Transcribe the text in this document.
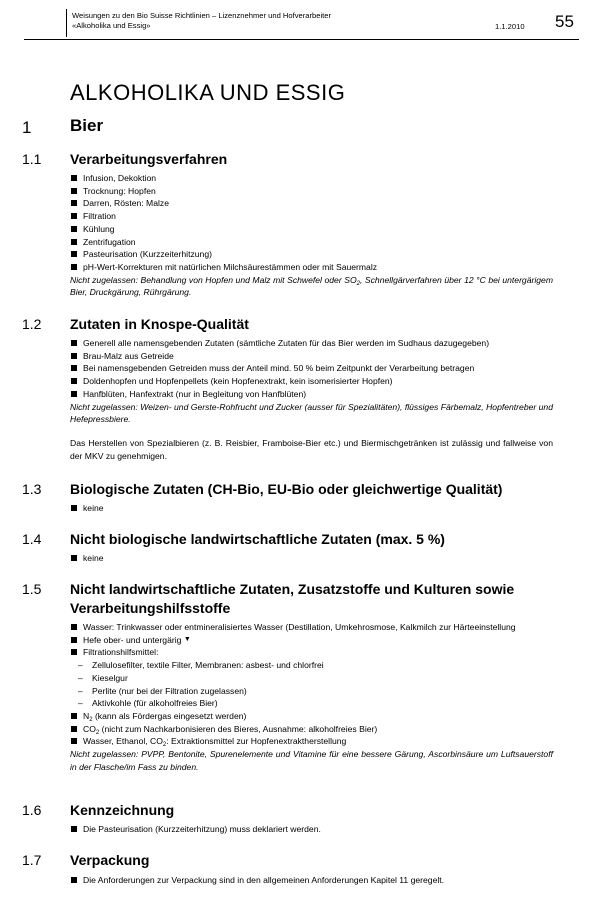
Weisungen zu den Bio Suisse Richtlinien – Lizenznehmer und Hofverarbeiter
«Alkoholika und Essig»	1.1.2010 55
ALKOHOLIKA UND ESSIG
1 Bier
1.1 Verarbeitungsverfahren
Infusion, Dekoktion
Trocknung: Hopfen
Darren, Rösten: Malze
Filtration
Kühlung
Zentrifugation
Pasteurisation (Kurzzeiterhitzung)
pH-Wert-Korrekturen mit natürlichen Milchsäurestämmen oder mit Sauermalz
Nicht zugelassen: Behandlung von Hopfen und Malz mit Schwefel oder $SO_2$, Schnellgärverfahren über 12 °C bei untergärigem Bier, Druckgärung, Rührgärung.
1.2 Zutaten in Knospe-Qualität
Generell alle namensgebenden Zutaten (sämtliche Zutaten für das Bier werden im Sudhaus dazugegeben)
Brau-Malz aus Getreide
Bei namensgebenden Getreiden muss der Anteil mind. 50 % beim Zeitpunkt der Verarbeitung betragen
Doldenhopfen und Hopfenpellets (kein Hopfenextrakt, kein isomerisierter Hopfen)
Hanfblüten, Hanfextrakt (nur in Begleitung von Hanfblüten)
Nicht zugelassen: Weizen- und Gerste-Rohfrucht und Zucker (ausser für Spezialitäten), flüssiges Färbemalz, Hopfentreber und Hefepressbiere.
Das Herstellen von Spezialbieren (z. B. Reisbier, Framboise-Bier etc.) und Biermischgetränken ist zulässig und fallweise von der MKV zu genehmigen.
1.3 Biologische Zutaten (CH-Bio, EU-Bio oder gleichwertige Qualität)
keine
1.4 Nicht biologische landwirtschaftliche Zutaten (max. 5 %)
keine
1.5 Nicht landwirtschaftliche Zutaten, Zusatzstoffe und Kulturen sowie Verarbeitungshilfsstoffe
Wasser: Trinkwasser oder entmineralisiertes Wasser (Destillation, Umkehrosmose, Kalkmilch zur Härteeinstellung
Hefe ober- und untergärig ▼
Filtrationshilfsmittel:
– Zellulosefilter, textile Filter, Membranen: asbest- und chlorfrei
– Kieselgur
– Perlite (nur bei der Filtration zugelassen)
– Aktivkohle (für alkoholfreies Bier)
$N_2$ (kann als Fördergas eingesetzt werden)
$CO_2$ (nicht zum Nachkarbonisieren des Bieres, Ausnahme: alkoholfreies Bier)
Wasser, Ethanol, $CO_2$: Extraktionsmittel zur Hopfenextraktherstellung
Nicht zugelassen: PVPP, Bentonite, Spurenelemente und Vitamine für eine bessere Gärung, Ascorbinsäure um Luftsauerstoff in der Flasche/im Fass zu binden.
1.6 Kennzeichnung
Die Pasteurisation (Kurzzeiterhitzung) muss deklariert werden.
1.7 Verpackung
Die Anforderungen zur Verpackung sind in den allgemeinen Anforderungen Kapitel 11 geregelt.
